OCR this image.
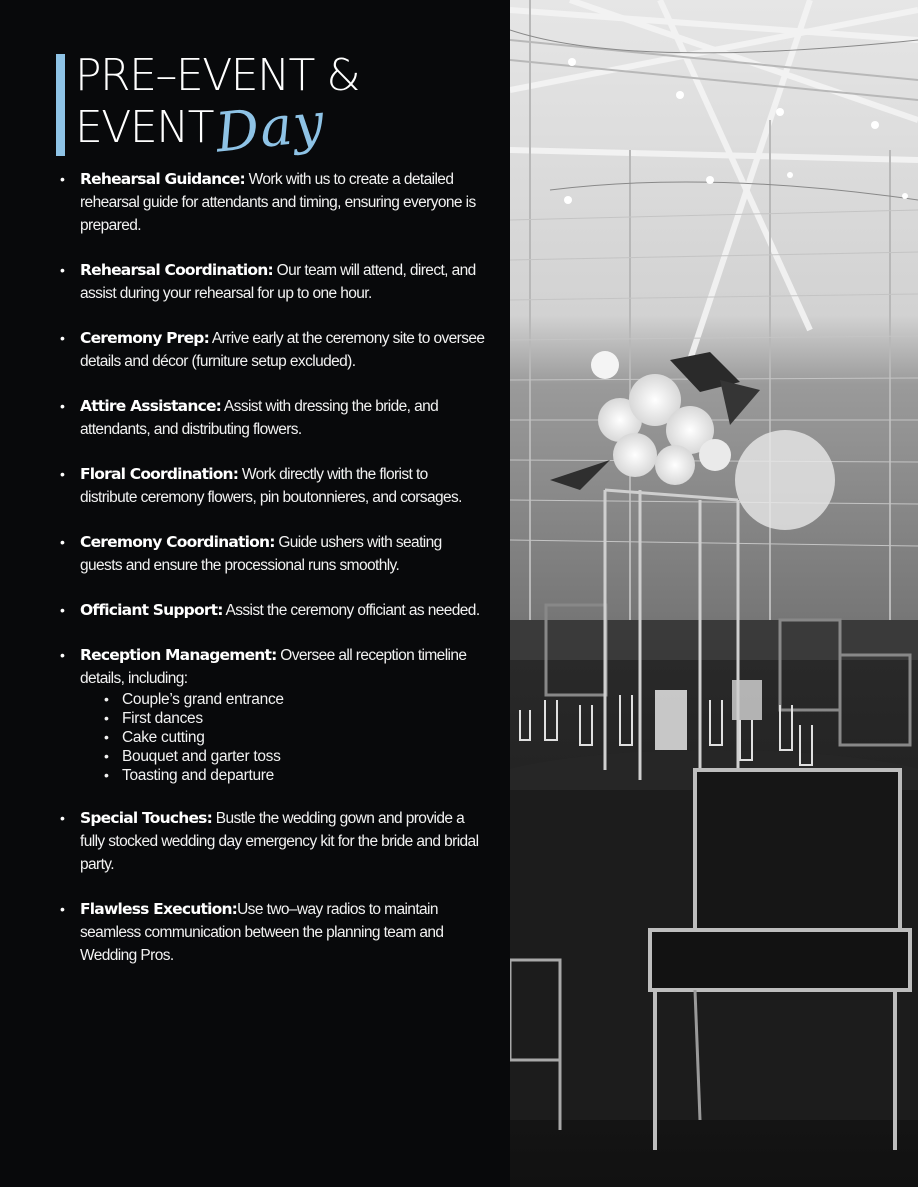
PRE–EVENT &
EVENTDay
• Rehearsal Guidance: Work with us to create a detailed rehearsal guide for attendants and timing, ensuring everyone is prepared.
• Rehearsal Coordination: Our team will attend, direct, and assist during your rehearsal for up to one hour.
• Ceremony Prep: Arrive early at the ceremony site to oversee details and décor (furniture setup excluded).
• Attire Assistance: Assist with dressing the bride, and attendants, and distributing flowers.
• Floral Coordination: Work directly with the florist to distribute ceremony flowers, pin boutonnieres, and corsages.
• Ceremony Coordination: Guide ushers with seating guests and ensure the processional runs smoothly.
• Officiant Support: Assist the ceremony officiant as needed.
• Reception Management: Oversee all reception timeline details, including:
• Couple’s grand entrance
• First dances
• Cake cutting
• Bouquet and garter toss
• Toasting and departure
• Special Touches: Bustle the wedding gown and provide a fully stocked wedding day emergency kit for the bride and bridal party.
• Flawless Execution:Use two–way radios to maintain seamless communication between the planning team and Wedding Pros.
